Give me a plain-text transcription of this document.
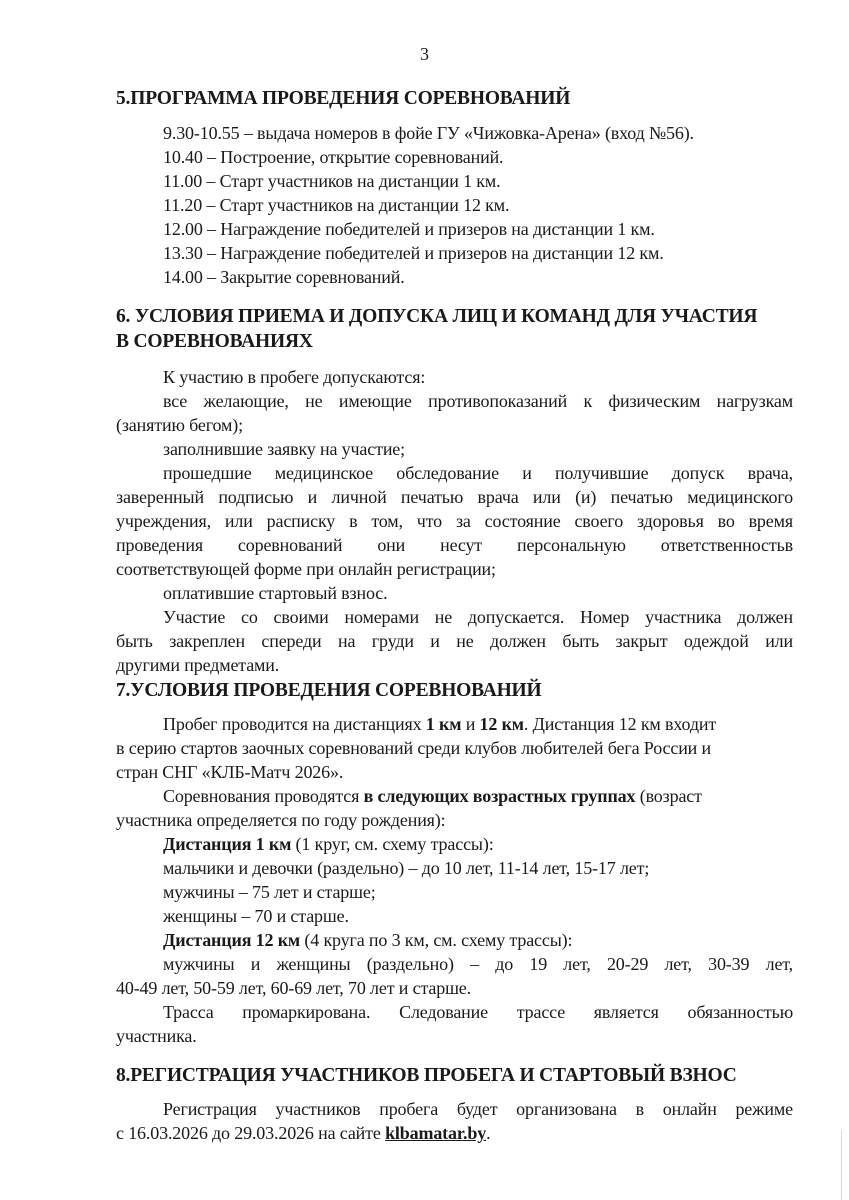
3
5.ПРОГРАММА ПРОВЕДЕНИЯ СОРЕВНОВАНИЙ
9.30-10.55 – выдача номеров в фойе ГУ «Чижовка-Арена» (вход №56).
10.40 – Построение, открытие соревнований.
11.00 – Старт участников на дистанции 1 км.
11.20 – Старт участников на дистанции 12 км.
12.00 – Награждение победителей и призеров на дистанции 1 км.
13.30 – Награждение победителей и призеров на дистанции 12 км.
14.00 – Закрытие соревнований.
6. УСЛОВИЯ ПРИЕМА И ДОПУСКА ЛИЦ И КОМАНД ДЛЯ УЧАСТИЯ
В СОРЕВНОВАНИЯХ
К участию в пробеге допускаются:
все желающие, не имеющие противопоказаний к физическим нагрузкам
(занятию бегом);
заполнившие заявку на участие;
прошедшие медицинское обследование и получившие допуск врача,
заверенный подписью и личной печатью врача или (и) печатью медицинского
учреждения, или расписку в том, что за состояние своего здоровья во время
проведения соревнований они несут персональную ответственностьв
соответствующей форме при онлайн регистрации;
оплатившие стартовый взнос.
Участие со своими номерами не допускается. Номер участника должен
быть закреплен спереди на груди и не должен быть закрыт одеждой или
другими предметами.
7.УСЛОВИЯ ПРОВЕДЕНИЯ СОРЕВНОВАНИЙ
Пробег проводится на дистанциях 1 км и 12 км. Дистанция 12 км входит
в серию стартов заочных соревнований среди клубов любителей бега России и
стран СНГ «КЛБ-Матч 2026».
Соревнования проводятся в следующих возрастных группах (возраст
участника определяется по году рождения):
Дистанция 1 км (1 круг, см. схему трассы):
мальчики и девочки (раздельно) – до 10 лет, 11-14 лет, 15-17 лет;
мужчины – 75 лет и старше;
женщины – 70 и старше.
Дистанция 12 км (4 круга по 3 км, см. схему трассы):
мужчины и женщины (раздельно) – до 19 лет, 20-29 лет, 30-39 лет,
40-49 лет, 50-59 лет, 60-69 лет, 70 лет и старше.
Трасса промаркирована. Следование трассе является обязанностью
участника.
8.РЕГИСТРАЦИЯ УЧАСТНИКОВ ПРОБЕГА И СТАРТОВЫЙ ВЗНОС
Регистрация участников пробега будет организована в онлайн режиме
с 16.03.2026 до 29.03.2026 на сайте klbamatar.by.
